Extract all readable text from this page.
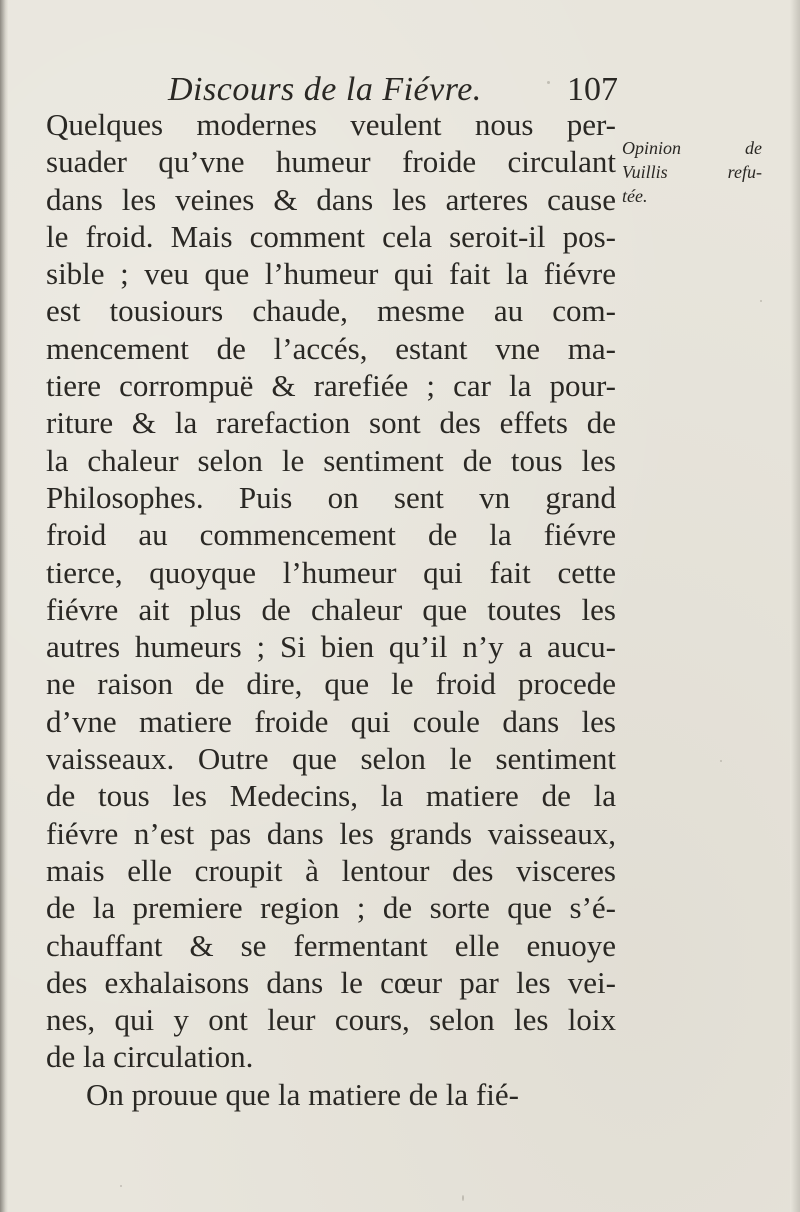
Discours de la Fiévre.	107
Quelques modernes veulent nous per-
suader qu’vne humeur froide circulant
dans les veines & dans les arteres cause
le froid. Mais comment cela seroit-il pos-
sible ; veu que l’humeur qui fait la fiévre
est tousiours chaude, mesme au com-
mencement de l’accés, estant vne ma-
tiere corrompuë & rarefiée ; car la pour-
riture & la rarefaction sont des effets de
la chaleur selon le sentiment de tous les
Philosophes. Puis on sent vn grand
froid au commencement de la fiévre
tierce, quoyque l’humeur qui fait cette
fiévre ait plus de chaleur que toutes les
autres humeurs ; Si bien qu’il n’y a aucu-
ne raison de dire, que le froid procede
d’vne matiere froide qui coule dans les
vaisseaux. Outre que selon le sentiment
de tous les Medecins, la matiere de la
fiévre n’est pas dans les grands vaisseaux,
mais elle croupit à lentour des visceres
de la premiere region ; de sorte que s’é-
chauffant & se fermentant elle enuoye
des exhalaisons dans le cœur par les vei-
nes, qui y ont leur cours, selon les loix
de la circulation.
On prouue que la matiere de la fié-
Opinion de
Vuillis refu-
tée.
